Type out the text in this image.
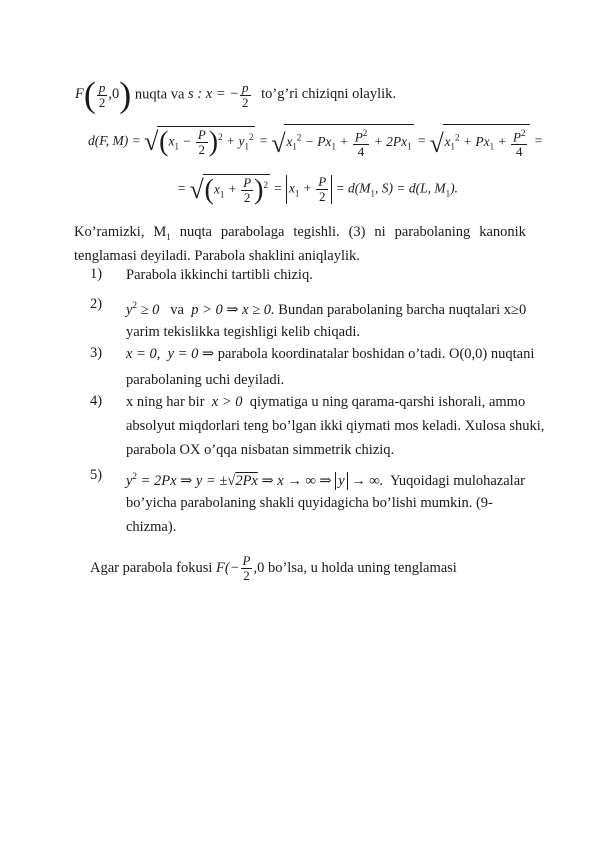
$F( \frac{p}{2} ,0)$ nuqta va s : x = − $\frac{p}{2}$ to’g’ri chiziqni olaylik.
d(F, M) = √ $(x_1 - \frac{P}{2} )^2 + y_1^2$ = √ $x_1^2 - Px_1 + \frac{P^2}{4} + 2Px_1$ = √ $x_1^2 + Px_1 + \frac{P^2}{4}$ =
= √ $(x_1 + \frac{P}{2} )^2 = x_1 + \frac{P}{2} = d(M_1$, S) = d(L, $M_1$).
Ko’ramizki, $M_1$ nuqta parabolaga tegishli. (3) ni parabolaning kanonik
tenglamasi deyiladi. Parabola shaklini aniqlaylik.
1) Parabola ikkinchi tartibli chiziq.
2) $y^2 \ge 0$ va p > 0 ⇒ x ≥ 0. Bundan parabolaning barcha nuqtalari x≥0
yarim tekislikka tegishligi kelib chiqadi.
3) x = 0,  y = 0 ⇒ parabola koordinatalar boshidan o’tadi. O(0,0) nuqtani
parabolaning uchi deyiladi.
4) x ning har bir x > 0 qiymatiga u ning qarama-qarshi ishorali, ammo
absolyut miqdorlari teng bo’lgan ikki qiymati mos keladi. Xulosa shuki,
parabola OX o’qqa nisbatan simmetrik chiziq.
5) $y^2 = 2Px$ ⇒ y = ±√2Px ⇒ x → ∞ ⇒ y → ∞. Yuqoidagi mulohazalar
bo’yicha parabolaning shakli quyidagicha bo’lishi mumkin. (9-
chizma).
Agar parabola fokusi $F(- \frac{P}{2} ,0$ bo’lsa, u holda uning tenglamasi
